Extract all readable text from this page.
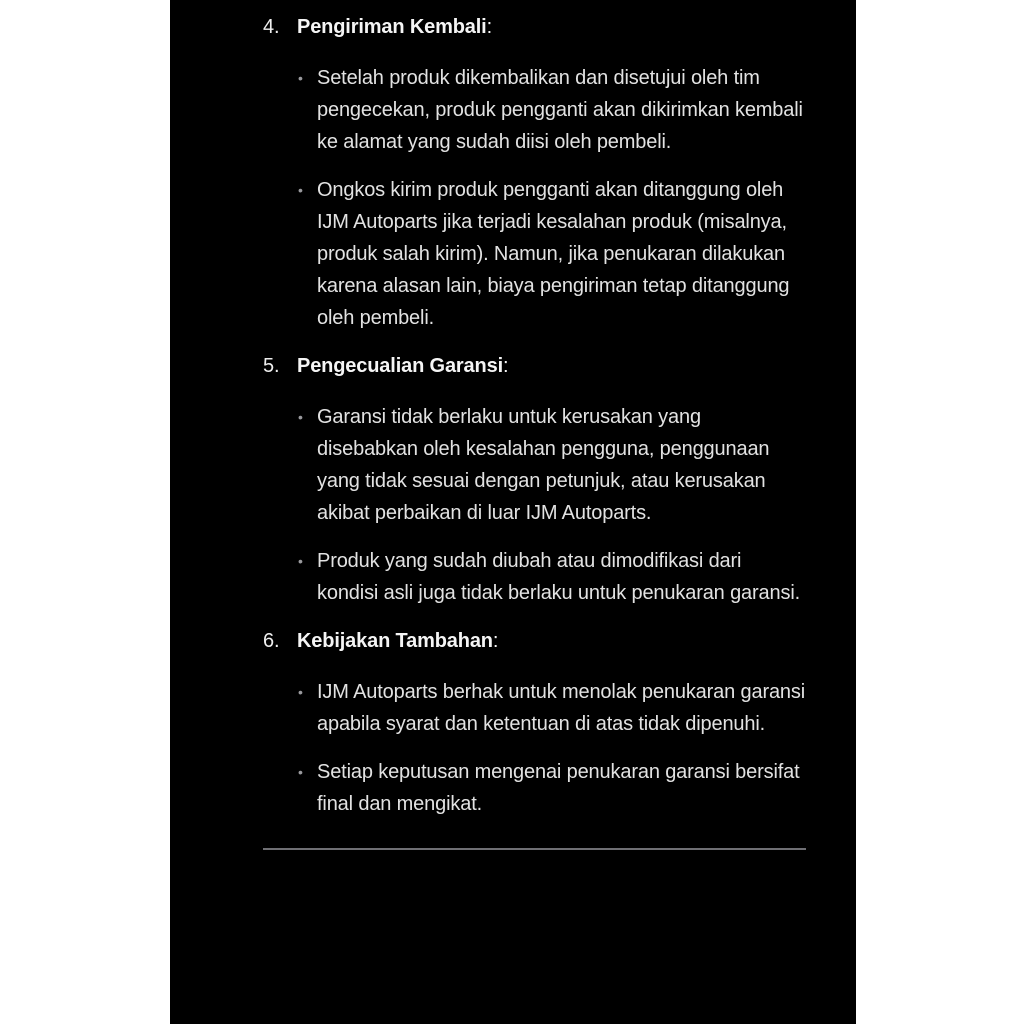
4. Pengiriman Kembali:
• Setelah produk dikembalikan dan disetujui oleh tim pengecekan, produk pengganti akan dikirimkan kembali ke alamat yang sudah diisi oleh pembeli.

• Ongkos kirim produk pengganti akan ditanggung oleh IJM Autoparts jika terjadi kesalahan produk (misalnya, produk salah kirim). Namun, jika penukaran dilakukan karena alasan lain, biaya pengiriman tetap ditanggung oleh pembeli.

5. Pengecualian Garansi:
• Garansi tidak berlaku untuk kerusakan yang disebabkan oleh kesalahan pengguna, penggunaan yang tidak sesuai dengan petunjuk, atau kerusakan akibat perbaikan di luar IJM Autoparts.

• Produk yang sudah diubah atau dimodifikasi dari kondisi asli juga tidak berlaku untuk penukaran garansi.

6. Kebijakan Tambahan:
• IJM Autoparts berhak untuk menolak penukaran garansi apabila syarat dan ketentuan di atas tidak dipenuhi.

• Setiap keputusan mengenai penukaran garansi bersifat final dan mengikat.
